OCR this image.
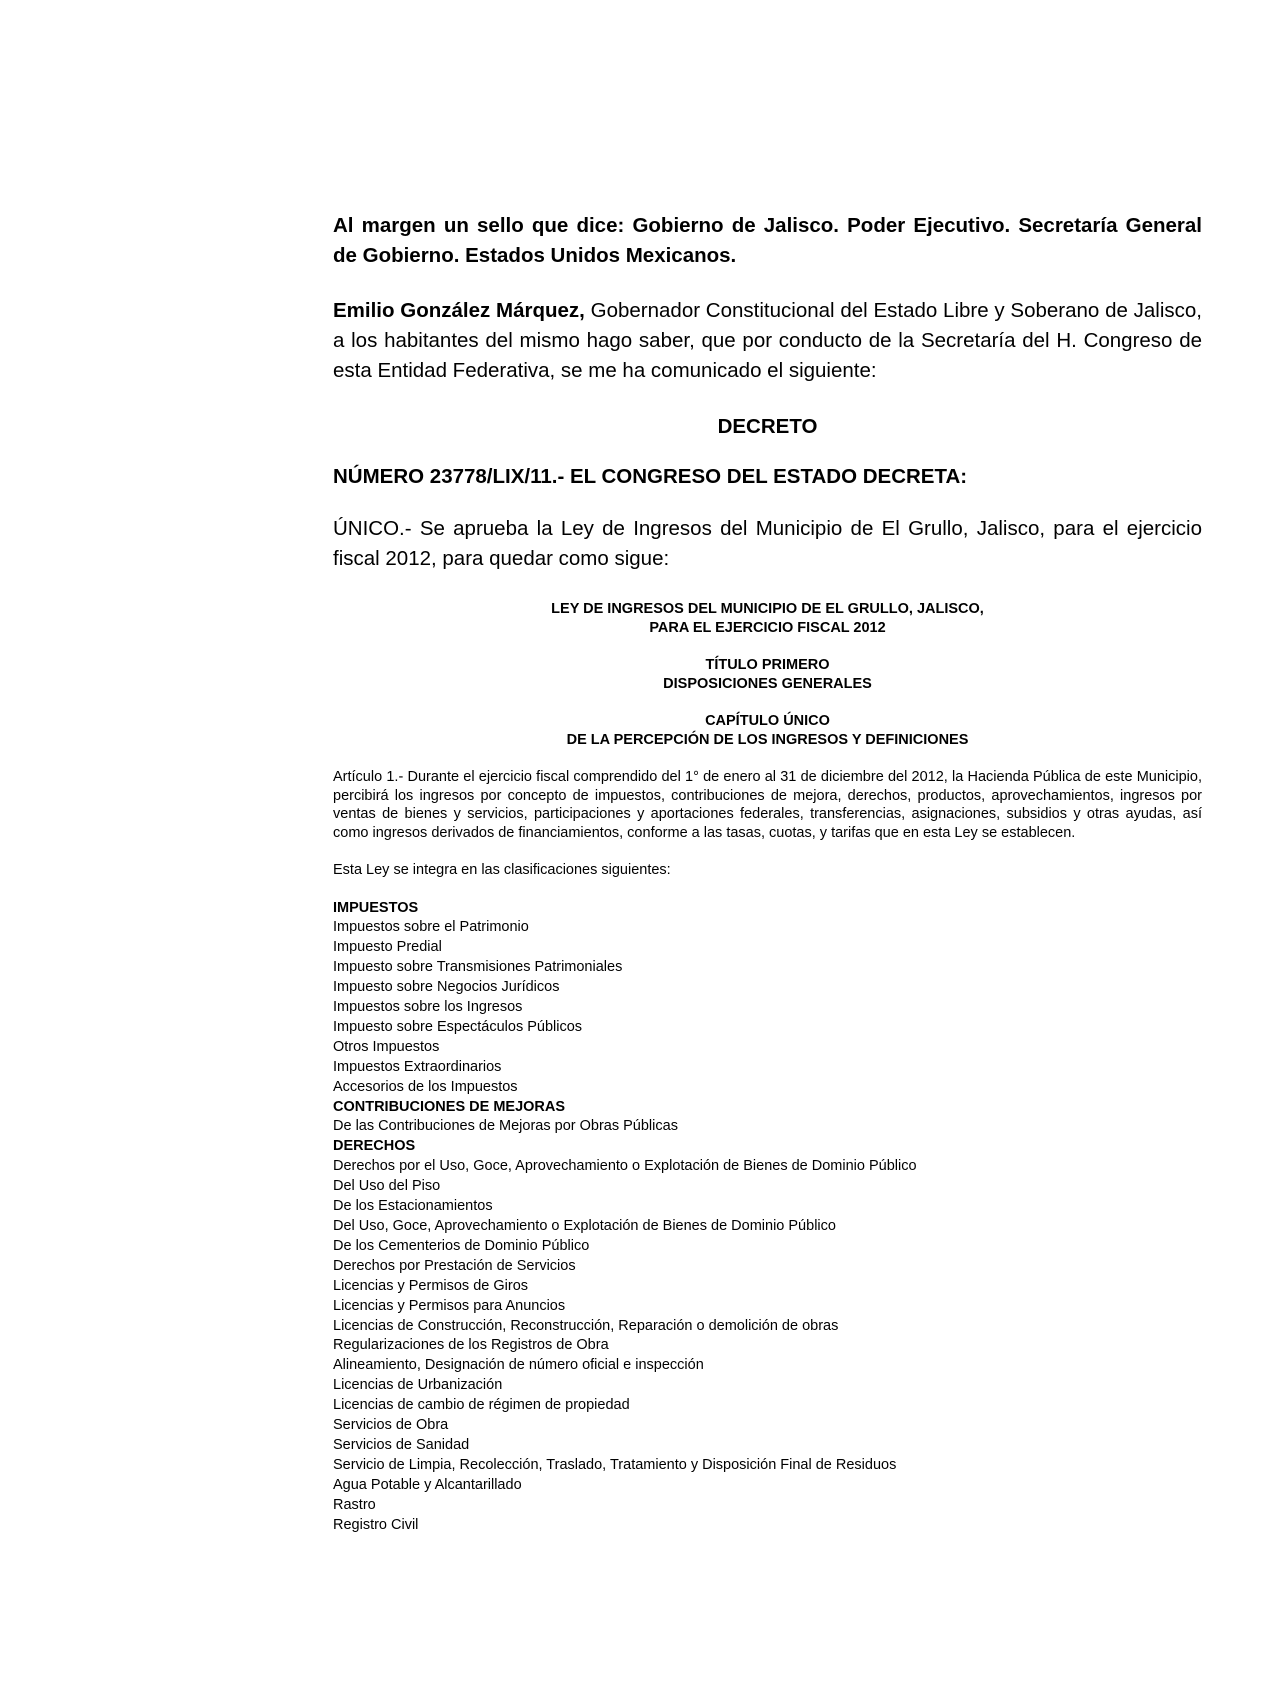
Al margen un sello que dice: Gobierno de Jalisco. Poder Ejecutivo. Secretaría General de Gobierno. Estados Unidos Mexicanos.

Emilio González Márquez, Gobernador Constitucional del Estado Libre y Soberano de Jalisco, a los habitantes del mismo hago saber, que por conducto de la Secretaría del H. Congreso de esta Entidad Federativa, se me ha comunicado el siguiente:

DECRETO

NÚMERO 23778/LIX/11.- EL CONGRESO DEL ESTADO DECRETA:

ÚNICO.- Se aprueba la Ley de Ingresos del Municipio de El Grullo, Jalisco, para el ejercicio fiscal 2012, para quedar como sigue:

LEY DE INGRESOS DEL MUNICIPIO DE EL GRULLO, JALISCO,
PARA EL EJERCICIO FISCAL 2012
TÍTULO PRIMERO
DISPOSICIONES GENERALES
CAPÍTULO ÚNICO
DE LA PERCEPCIÓN DE LOS INGRESOS Y DEFINICIONES

Artículo 1.- Durante el ejercicio fiscal comprendido del 1° de enero al 31 de diciembre del 2012, la Hacienda Pública de este Municipio, percibirá los ingresos por concepto de impuestos, contribuciones de mejora, derechos, productos, aprovechamientos, ingresos por ventas de bienes y servicios, participaciones y aportaciones federales, transferencias, asignaciones, subsidios y otras ayudas, así como ingresos derivados de financiamientos, conforme a las tasas, cuotas, y tarifas que en esta Ley se establecen.

Esta Ley se integra en las clasificaciones siguientes:

IMPUESTOS
Impuestos sobre el Patrimonio
Impuesto Predial
Impuesto sobre Transmisiones Patrimoniales
Impuesto sobre Negocios Jurídicos
Impuestos sobre los Ingresos
Impuesto sobre Espectáculos Públicos
Otros Impuestos
Impuestos Extraordinarios
Accesorios de los Impuestos
CONTRIBUCIONES DE MEJORAS
De las Contribuciones de Mejoras por Obras Públicas
DERECHOS
Derechos por el Uso, Goce, Aprovechamiento o Explotación de Bienes de Dominio Público
Del Uso del Piso
De los Estacionamientos
Del Uso, Goce, Aprovechamiento o Explotación de Bienes de Dominio Público
De los Cementerios de Dominio Público
Derechos por Prestación de Servicios
Licencias y Permisos de Giros
Licencias y Permisos para Anuncios
Licencias de Construcción, Reconstrucción, Reparación o demolición de obras
Regularizaciones de los Registros de Obra
Alineamiento, Designación de número oficial e inspección
Licencias de Urbanización
Licencias de cambio de régimen de propiedad
Servicios de Obra
Servicios de Sanidad
Servicio de Limpia, Recolección, Traslado, Tratamiento y Disposición Final de Residuos
Agua Potable y Alcantarillado
Rastro
Registro Civil
